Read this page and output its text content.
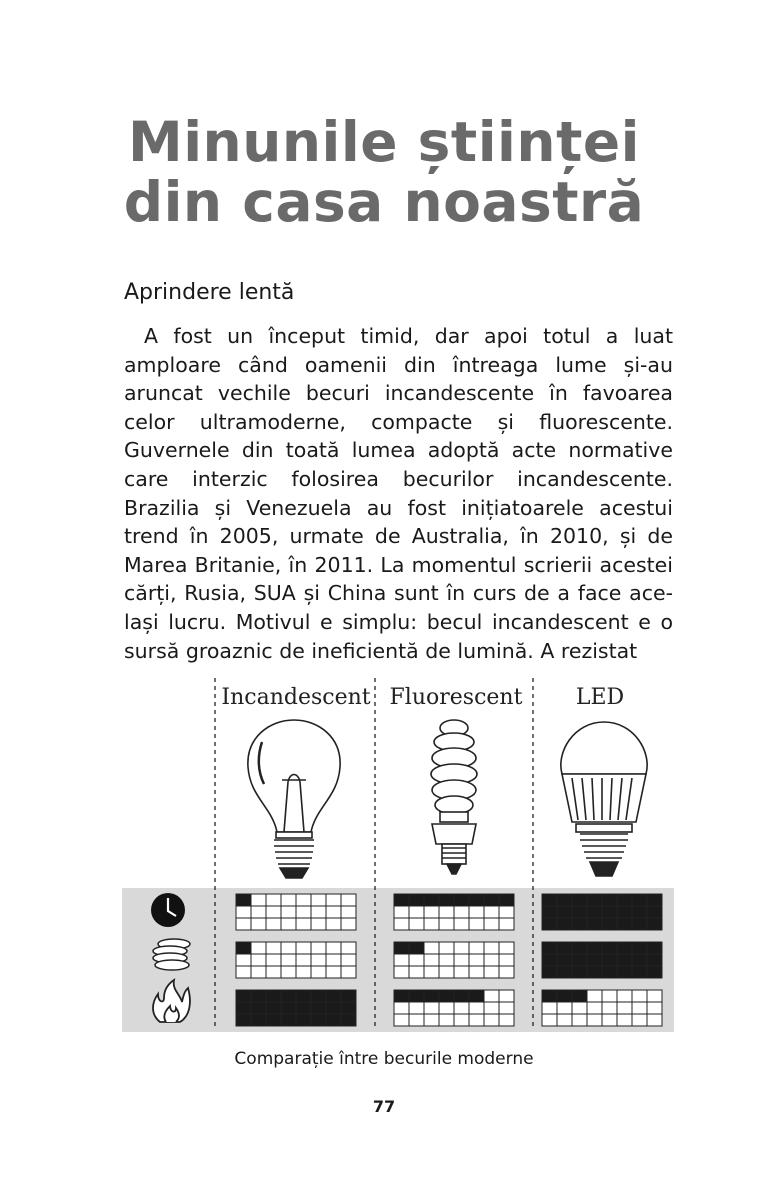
Minunile științei
din casa noastră
Aprindere lentă

A fost un început timid, dar apoi totul a luat amploare când oamenii din întreaga lume și-au aruncat vechile becuri incandescente în favoarea celor ultramoderne, compacte și fluorescente. Guvernele din toată lumea adoptă acte normative care interzic folosirea becurilor incandescente. Brazilia și Venezuela au fost inițiatoarele acestui trend în 2005, urmate de Australia, în 2010, și de Marea Britanie, în 2011. La momentul scrierii acestei cărți, Rusia, SUA și China sunt în curs de a face același lucru. Motivul e simplu: becul incandescent e o sursă groaznic de ineficientă de lumină. A rezistat

Incandescent Fluorescent LED
Comparație între becurile moderne
77
